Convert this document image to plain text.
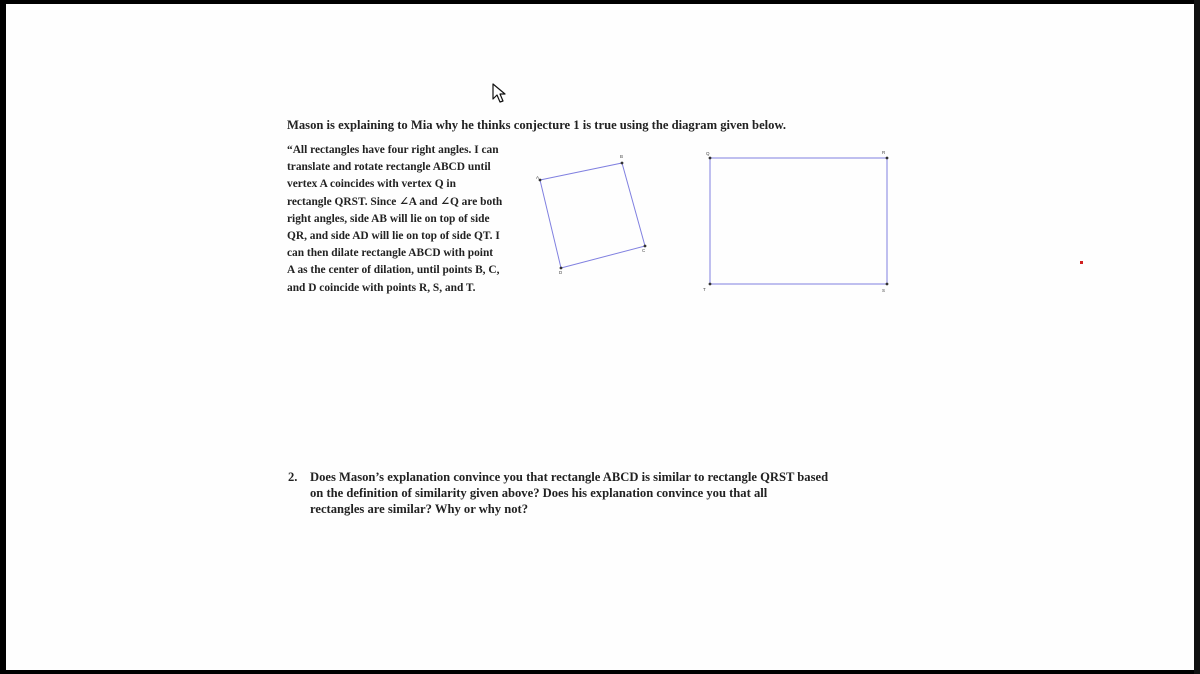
Mason is explaining to Mia why he thinks conjecture 1 is true using the diagram given below.
“All rectangles have four right angles. I can
translate and rotate rectangle ABCD until
vertex A coincides with vertex Q in
rectangle QRST. Since ∠A and ∠Q are both
right angles, side AB will lie on top of side
QR, and side AD will lie on top of side QT. I
can then dilate rectangle ABCD with point
A as the center of dilation, until points B, C,
and D coincide with points R, S, and T.
A
B
C
D
Q	R
S
T
2. Does Mason’s explanation convince you that rectangle ABCD is similar to rectangle QRST based
on the definition of similarity given above? Does his explanation convince you that all
rectangles are similar? Why or why not?
